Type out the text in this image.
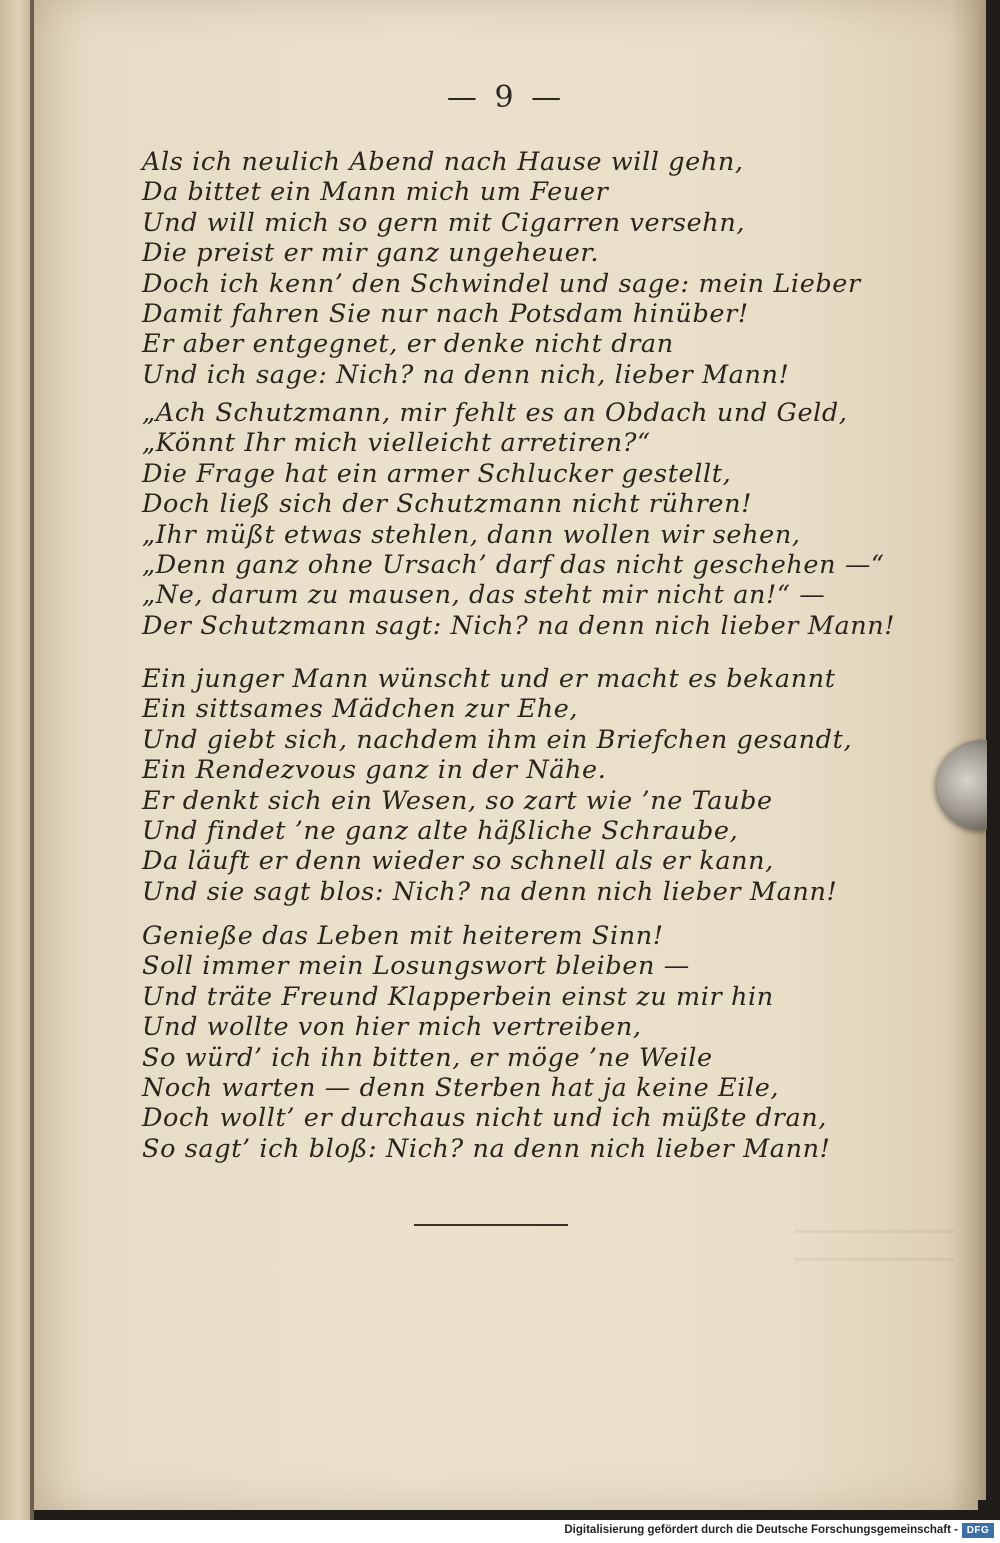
— 9 —
Als ich neulich Abend nach Hause will gehn,
Da bittet ein Mann mich um Feuer
Und will mich so gern mit Cigarren versehn,
Die preist er mir ganz ungeheuer.
Doch ich kenn’ den Schwindel und sage: mein Lieber
Damit fahren Sie nur nach Potsdam hinüber!
Er aber entgegnet, er denke nicht dran
Und ich sage: Nich? na denn nich, lieber Mann!
„Ach Schutzmann, mir fehlt es an Obdach und Geld,
„Könnt Ihr mich vielleicht arretiren?“
Die Frage hat ein armer Schlucker gestellt,
Doch ließ sich der Schutzmann nicht rühren!
„Ihr müßt etwas stehlen, dann wollen wir sehen,
„Denn ganz ohne Ursach’ darf das nicht geschehen —“
„Ne, darum zu mausen, das steht mir nicht an!“ —
Der Schutzmann sagt: Nich? na denn nich lieber Mann!
Ein junger Mann wünscht und er macht es bekannt
Ein sittsames Mädchen zur Ehe,
Und giebt sich, nachdem ihm ein Briefchen gesandt,
Ein Rendezvous ganz in der Nähe.
Er denkt sich ein Wesen, so zart wie ’ne Taube
Und findet ’ne ganz alte häßliche Schraube,
Da läuft er denn wieder so schnell als er kann,
Und sie sagt blos: Nich? na denn nich lieber Mann!
Genieße das Leben mit heiterem Sinn!
Soll immer mein Losungswort bleiben —
Und träte Freund Klapperbein einst zu mir hin
Und wollte von hier mich vertreiben,
So würd’ ich ihn bitten, er möge ’ne Weile
Noch warten — denn Sterben hat ja keine Eile,
Doch wollt’ er durchaus nicht und ich müßte dran,
So sagt’ ich bloß: Nich? na denn nich lieber Mann!
Digitalisierung gefördert durch die Deutsche Forschungsgemeinschaft - DFG
